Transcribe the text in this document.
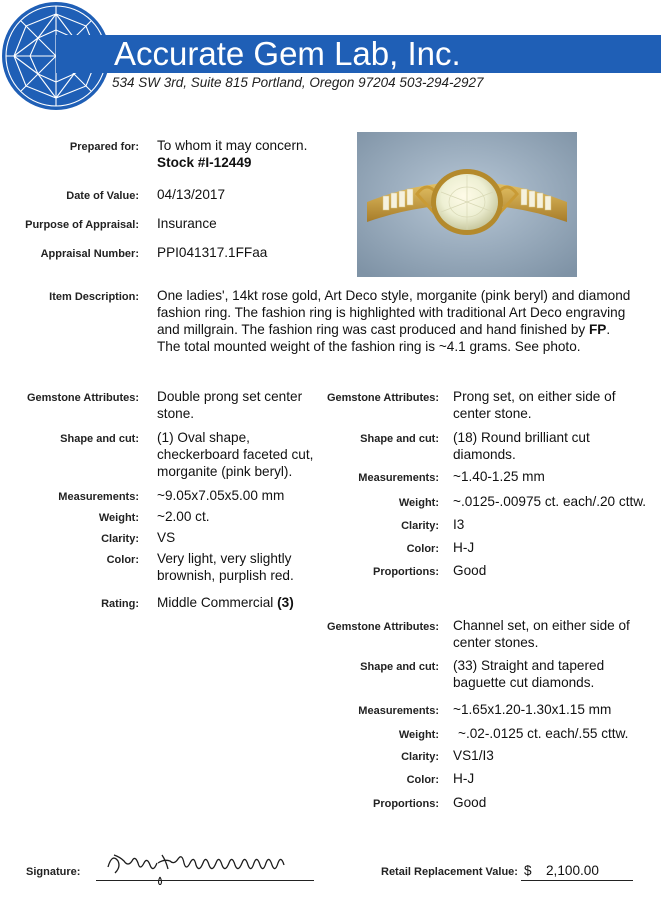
Accurate Gem Lab, Inc.
534 SW 3rd, Suite 815 Portland, Oregon 97204 503-294-2927
Prepared for: To whom it may concern.
Stock #I-12449
Date of Value: 04/13/2017
Purpose of Appraisal: Insurance
Appraisal Number: PPI041317.1FFaa
Item Description: One ladies', 14kt rose gold, Art Deco style, morganite (pink beryl) and diamond fashion ring. The fashion ring is highlighted with traditional Art Deco engraving and millgrain. The fashion ring was cast produced and hand finished by FP. The total mounted weight of the fashion ring is ~4.1 grams. See photo.
Gemstone Attributes: Double prong set center stone.
Shape and cut: (1) Oval shape, checkerboard faceted cut, morganite (pink beryl).
Measurements: ~9.05x7.05x5.00 mm
Weight: ~2.00 ct.
Clarity: VS
Color: Very light, very slightly brownish, purplish red.
Rating: Middle Commercial (3)
Gemstone Attributes: Prong set, on either side of center stone.
Shape and cut: (18) Round brilliant cut diamonds.
Measurements: ~1.40-1.25 mm
Weight: ~.0125-.00975 ct. each/.20 cttw.
Clarity: I3
Color: H-J
Proportions: Good
Gemstone Attributes: Channel set, on either side of center stones.
Shape and cut: (33) Straight and tapered baguette cut diamonds.
Measurements: ~1.65x1.20-1.30x1.15 mm
Weight: ~.02-.0125 ct. each/.55 cttw.
Clarity: VS1/I3
Color: H-J
Proportions: Good
Signature:	Retail Replacement Value: $ 2,100.00
